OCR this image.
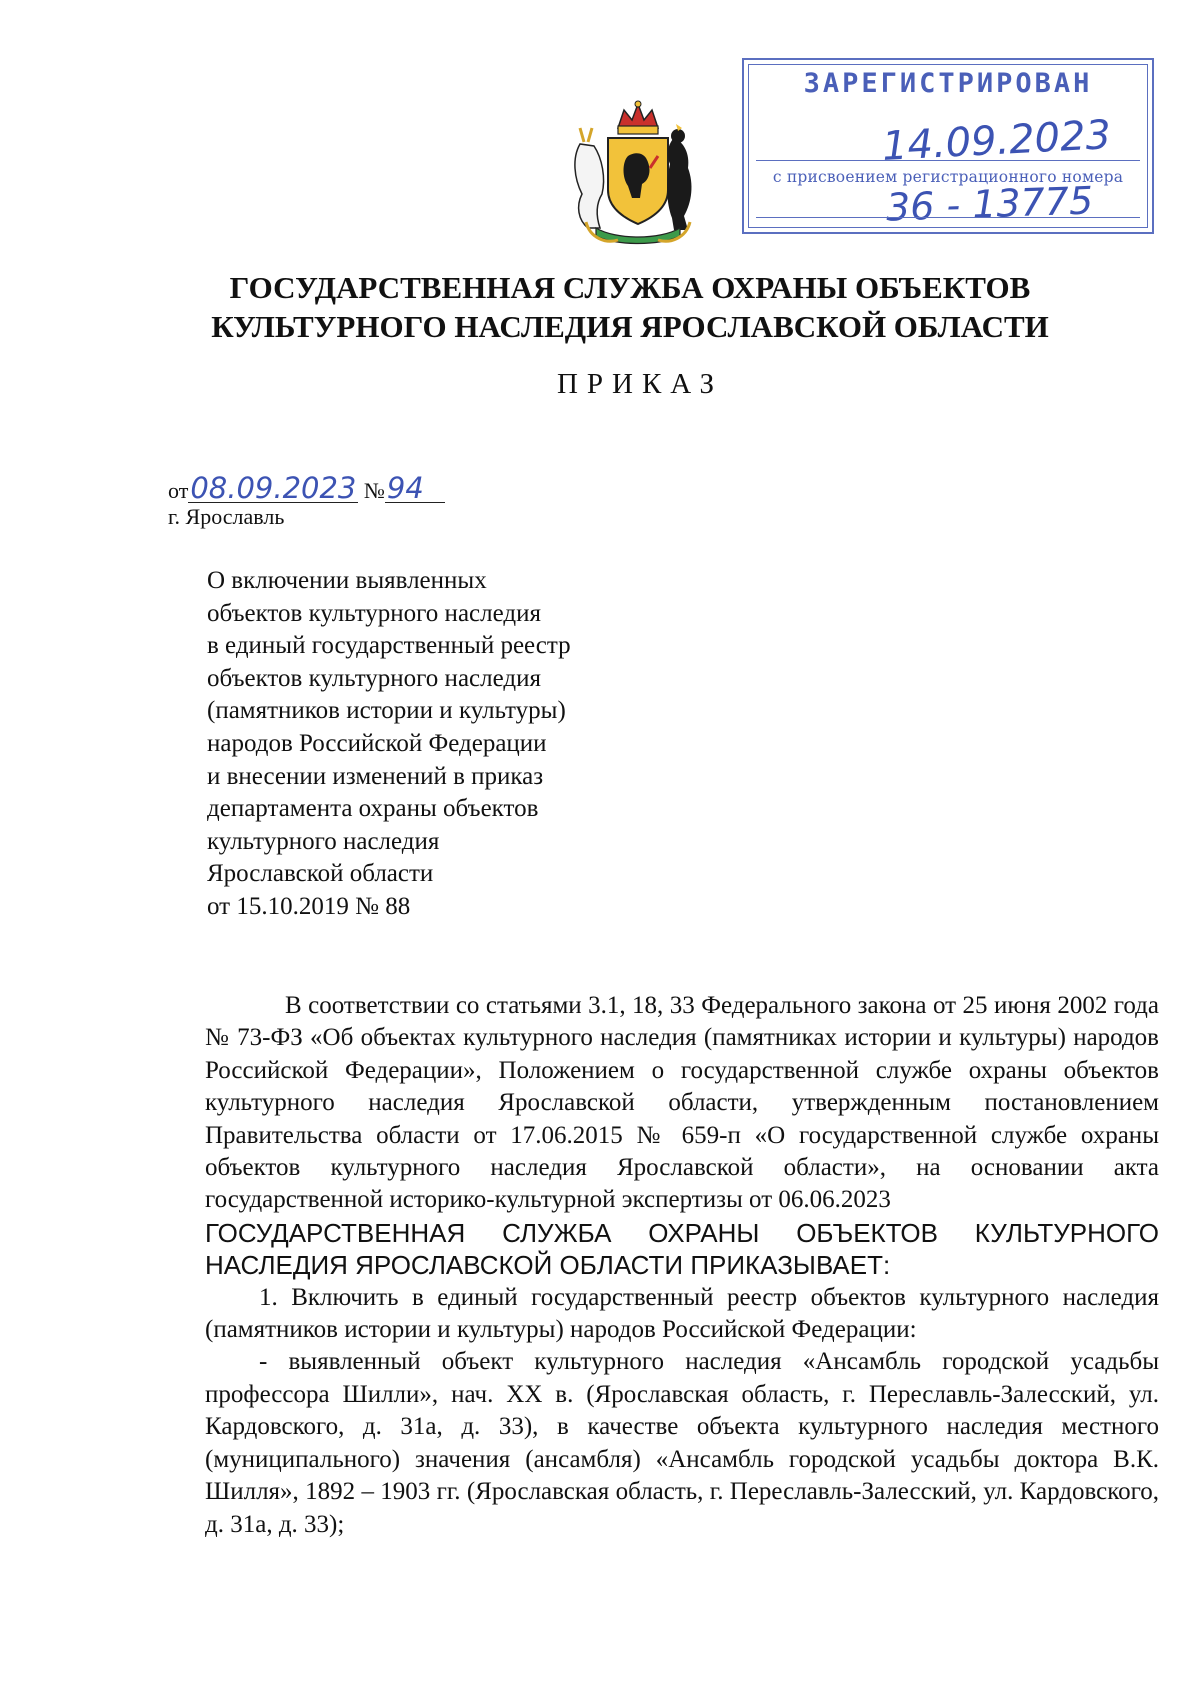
ЗАРЕГИСТРИРОВАН
14.09.2023
с присвоением регистрационного номера
36 - 13775
ГОСУДАРСТВЕННАЯ СЛУЖБА ОХРАНЫ ОБЪЕКТОВ
КУЛЬТУРНОГО НАСЛЕДИЯ ЯРОСЛАВСКОЙ ОБЛАСТИ
ПРИКАЗ
от08.09.2023 №94
г. Ярославль
О включении выявленных
объектов культурного наследия
в единый государственный реестр
объектов культурного наследия
(памятников истории и культуры)
народов Российской Федерации
и внесении изменений в приказ
департамента охраны объектов
культурного наследия
Ярославской области
от 15.10.2019 № 88

В соответствии со статьями 3.1, 18, 33 Федерального закона от 25 июня 2002 года № 73-ФЗ «Об объектах культурного наследия (памятниках истории и культуры) народов Российской Федерации», Положением о государственной службе охраны объектов культурного наследия Ярославской области, утвержденным постановлением Правительства области от 17.06.2015 № 659-п «О государственной службе охраны объектов культурного наследия Ярославской области», на основании акта государственной историко-культурной экспертизы от 06.06.2023

ГОСУДАРСТВЕННАЯ СЛУЖБА ОХРАНЫ ОБЪЕКТОВ КУЛЬТУРНОГО НАСЛЕДИЯ ЯРОСЛАВСКОЙ ОБЛАСТИ ПРИКАЗЫВАЕТ:

1. Включить в единый государственный реестр объектов культурного наследия (памятников истории и культуры) народов Российской Федерации:

- выявленный объект культурного наследия «Ансамбль городской усадьбы профессора Шилли», нач. XX в. (Ярославская область, г. Переславль-Залесский, ул. Кардовского, д. 31а, д. 33), в качестве объекта культурного наследия местного (муниципального) значения (ансамбля) «Ансамбль городской усадьбы доктора В.К. Шилля», 1892 – 1903 гг. (Ярославская область, г. Переславль-Залесский, ул. Кардовского, д. 31а, д. 33);
